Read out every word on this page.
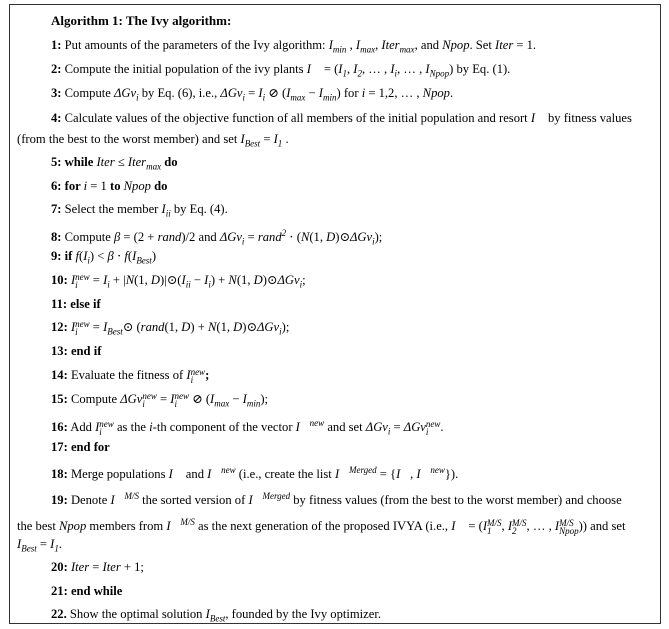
Algorithm 1: The Ivy algorithm:
1: Put amounts of the parameters of the Ivy algorithm: $I_{min}$ , $I_{max}$, Iter$_{max}$, and Npop. Set Iter = 1.
2: Compute the initial population of the ivy plants I⃗ = ($I_1$, $I_2$, … , $I_i$, … , $I_{Npop}$) by Eq. (1).
3: Compute ΔGv$_i$ by Eq. (6), i.e., $\Delta Gv_i = I_i$ ⊘ $(I_{max} - I_{min})$ for i = 1,2, … , Npop.
4: Calculate values of the objective function of all members of the initial population and resort I⃗ by fitness values
(from the best to the worst member) and set $I_{Best} = I_1$ .
5: while Iter ≤ Iter$_{max}$ do
6: for i = 1 to Npop do
7: Select the member $I_{ii}$ by Eq. (4).
8: Compute β = (2 + rand)/2 and ΔGv$_i$ = rand$^2$ ⋅ (N(1, D)⊙ΔGv$_i$);
9: if $f(I_i) < \beta \cdot f(I_{Best})$
10: I new
$i = I_i + |N(1$, $D)|⊙(I_{ii} - I_i) + N(1$, D)⊙ΔGv$_i$;
11: else if
12: I new
$i = I_{Best}⊙$ (rand(1, D) + N(1, D)⊙ΔGv$_i$);
13: end if
14: Evaluate the fitness of I new
i ;
15: Compute ΔGv new
i = I new
i ⊘ $(I_{max} - I_{min})$;
16: Add I new
i as the i-th component of the vector I⃗$^{new}$ and set ΔGv$_i$ = ΔGv new
i .
17: end for
18: Merge populations I⃗ and I⃗$^{new}$ (i.e., create the list I⃗$^{Merged}$ = {I⃗, I⃗$^{new}$}).
19: Denote I⃗$^{M/S}$ the sorted version of I⃗$^{Merged}$ by fitness values (from the best to the worst member) and choose
the best Npop members from I⃗$^{M/S}$ as the next generation of the proposed IVYA (i.e., I⃗ = (I M/S
1 , I M/S
2 , … , I M/S
Npop )) and set
$I_{Best} = I_1$.
20: Iter = Iter + 1;
21: end while
22. Show the optimal solution $I_{Best}$, founded by the Ivy optimizer.
